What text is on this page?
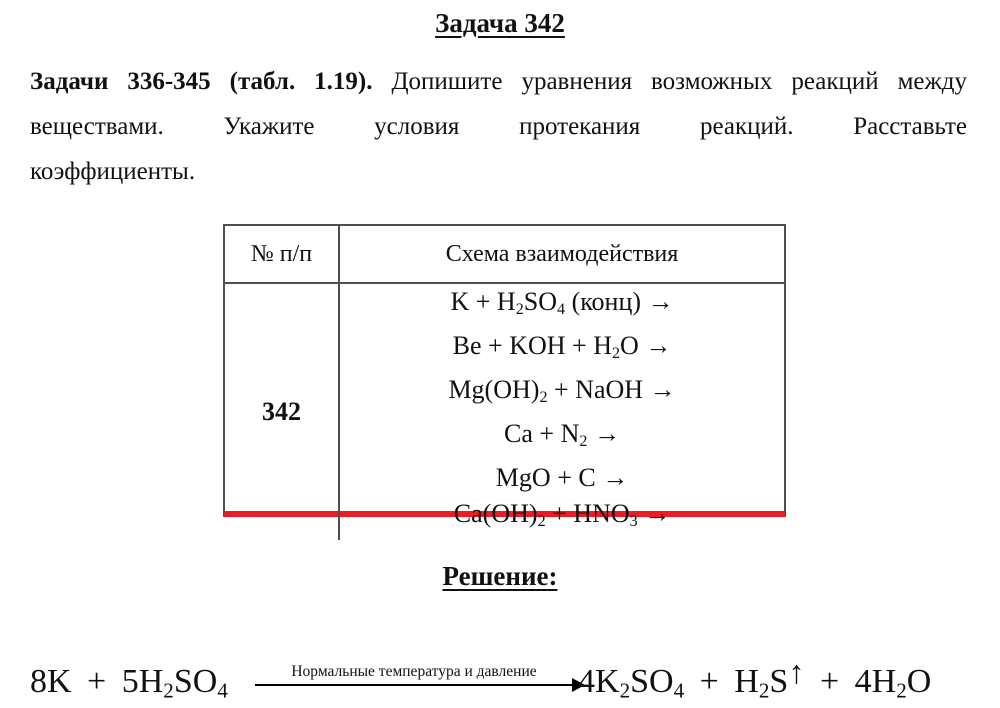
Задача 342
Задачи 336-345 (табл. 1.19). Допишите уравнения возможных реакций между
веществами. Укажите условия протекания реакций. Расставьте
коэффициенты.
№ п/п	Схема взаимодействия
342
$K + H_2SO_4$ (конц) →
Be + KOH + $H_2O$ →
$Mg(OH)_2$ + NaOH →
$Ca + N_2$ →
MgO + C →
$Ca(OH)_2 + HNO_3$ →
Решение:
$8K + 5H_2SO_4$
Нормальные температура и давление	$4K_2SO_4$ + $H_2S↑ + 4H_2O$
